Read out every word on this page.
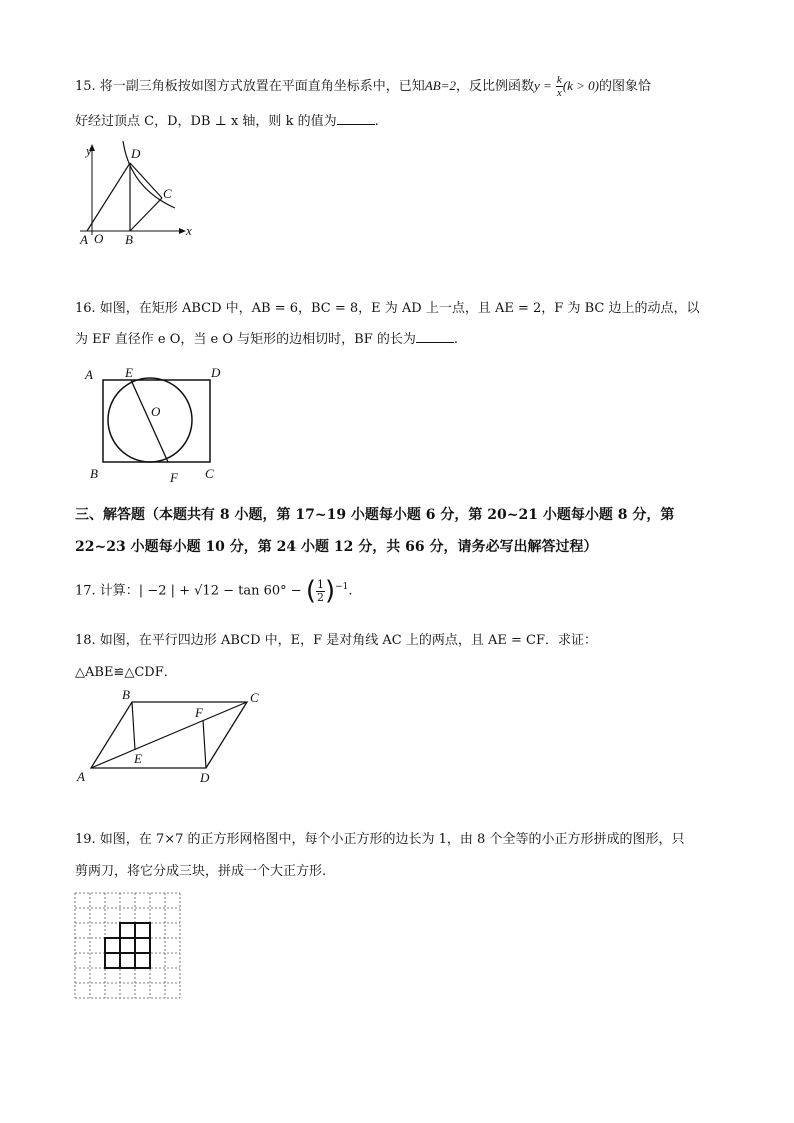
15. 将一副三角板按如图方式放置在平面直角坐标系中，已知AB=2，反比例函数$y = \frac{k}{x} (k > 0)$的图象恰
好经过顶点 C，D，DB ⊥ x 轴，则 k 的值为	.
y
x
D
C
A O B
16. 如图，在矩形 ABCD 中，AB = 6，BC = 8，E 为 AD 上一点，且 AE = 2，F 为 BC 边上的动点，以
为 EF 直径作 e O，当 e O 与矩形的边相切时，BF 的长为	.
A E	D
O
B	F C
三、解答题（本题共有 8 小题，第 17~19 小题每小题 6 分，第 20~21 小题每小题 8 分，第
22~23 小题每小题 10 分，第 24 小题 12 分，共 66 分，请务必写出解答过程）
17. 计算：| −2 | + √12 − tan 60° − ( $\frac{1}{2} )^{-1}$.
18. 如图，在平行四边形 ABCD 中，E，F 是对角线 AC 上的两点，且 AE = CF．求证：
△ABE≌△CDF．
B	C
F
E
A	D
19. 如图，在 7×7 的正方形网格图中，每个小正方形的边长为 1，由 8 个全等的小正方形拼成的图形，只
剪两刀，将它分成三块，拼成一个大正方形.
